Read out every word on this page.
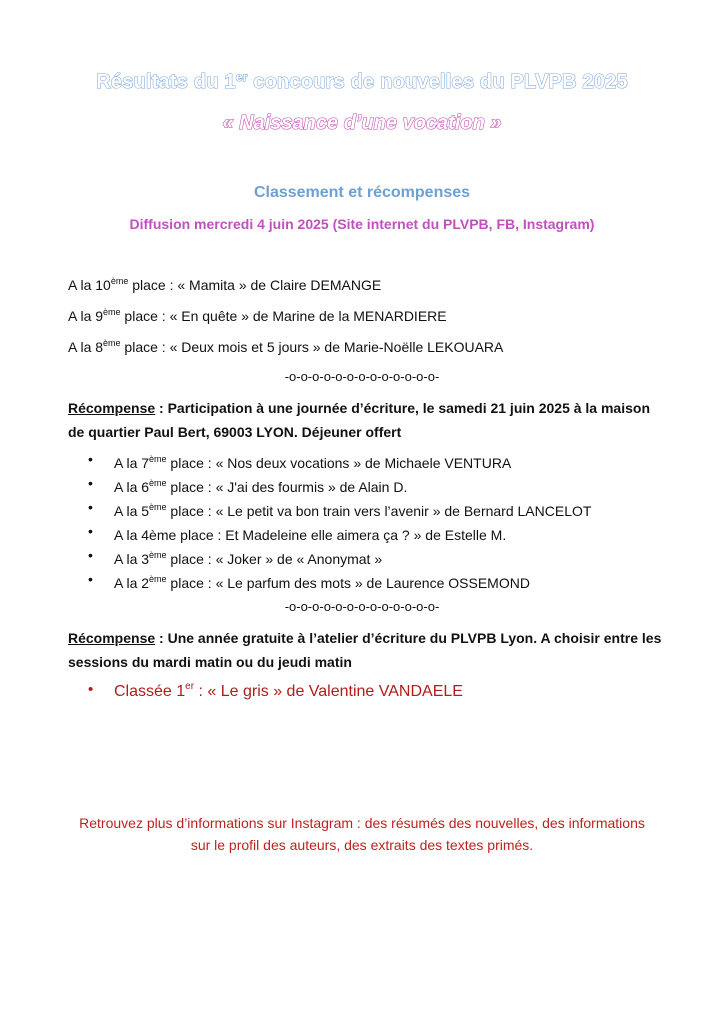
Résultats du 1er concours de nouvelles du PLVPB 2025
« Naissance d’une vocation »
Classement et récompenses
Diffusion mercredi 4 juin 2025 (Site internet du PLVPB, FB, Instagram)
A la 10ème place : « Mamita » de Claire DEMANGE
A la 9ème place : « En quête » de Marine de la MENARDIERE
A la 8ème place : « Deux mois et 5 jours » de Marie-Noëlle LEKOUARA
-o-o-o-o-o-o-o-o-o-o-o-o-o-
Récompense : Participation à une journée d’écriture, le samedi 21 juin 2025 à la maison de quartier Paul Bert, 69003 LYON. Déjeuner offert
• A la 7ème place : « Nos deux vocations » de Michaele VENTURA
• A la 6ème place : « J'ai des fourmis » de Alain D.
• A la 5ème place : « Le petit va bon train vers l’avenir » de Bernard LANCELOT
• A la 4ème place : Et Madeleine elle aimera ça ? » de Estelle M.
• A la 3ème place : « Joker » de « Anonymat »
• A la 2ème place : « Le parfum des mots » de Laurence OSSEMOND
-o-o-o-o-o-o-o-o-o-o-o-o-o-
Récompense : Une année gratuite à l’atelier d’écriture du PLVPB Lyon. A choisir entre les sessions du mardi matin ou du jeudi matin
• Classée 1er : « Le gris » de Valentine VANDAELE
Retrouvez plus d’informations sur Instagram : des résumés des nouvelles, des informations
sur le profil des auteurs, des extraits des textes primés.
